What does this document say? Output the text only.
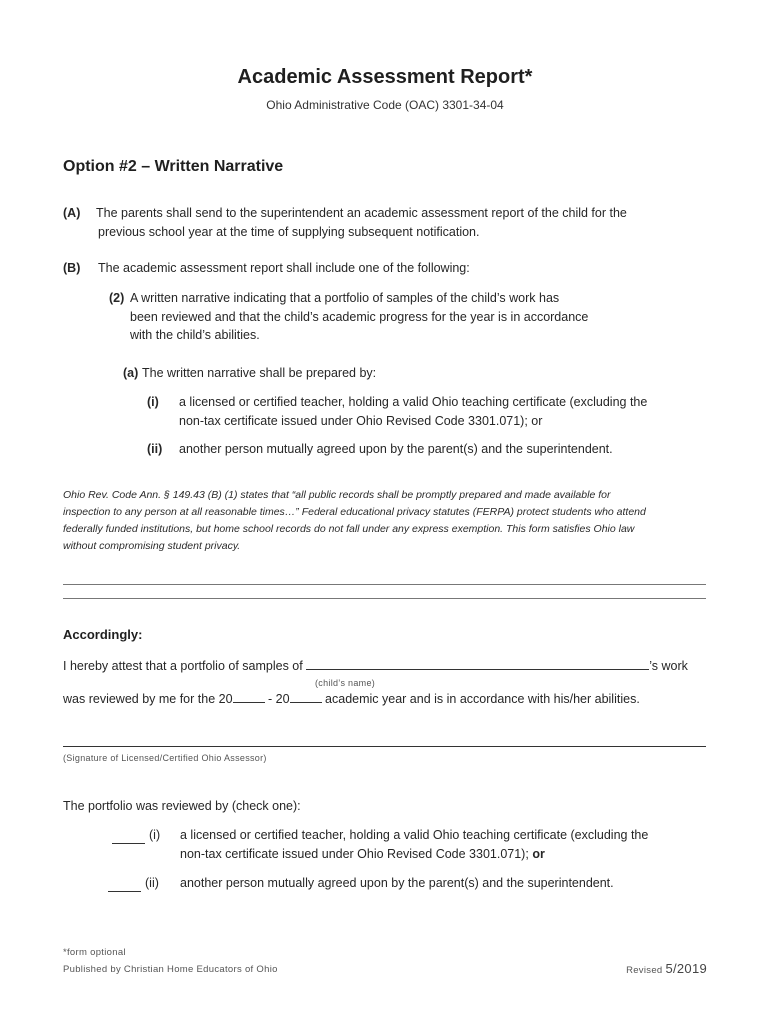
Academic Assessment Report*
Ohio Administrative Code (OAC) 3301-34-04
Option #2 – Written Narrative
(A) The parents shall send to the superintendent an academic assessment report of the child for the
previous school year at the time of supplying subsequent notification.
(B) The academic assessment report shall include one of the following:
(2) A written narrative indicating that a portfolio of samples of the child’s work has
been reviewed and that the child’s academic progress for the year is in accordance
with the child’s abilities.
(a) The written narrative shall be prepared by:
(i) a licensed or certified teacher, holding a valid Ohio teaching certificate (excluding the
non-tax certificate issued under Ohio Revised Code 3301.071); or
(ii) another person mutually agreed upon by the parent(s) and the superintendent.
Ohio Rev. Code Ann. § 149.43 (B) (1) states that “all public records shall be promptly prepared and made available for
inspection to any person at all reasonable times…” Federal educational privacy statutes (FERPA) protect students who attend
federally funded institutions, but home school records do not fall under any express exemption. This form satisfies Ohio law
without compromising student privacy.
Accordingly:
I hereby attest that a portfolio of samples of	’s work
(child’s name)
was reviewed by me for the 20	- 20	academic year and is in accordance with his/her abilities.
(Signature of Licensed/Certified Ohio Assessor)
The portfolio was reviewed by (check one):
(i) a licensed or certified teacher, holding a valid Ohio teaching certificate (excluding the
non-tax certificate issued under Ohio Revised Code 3301.071); or
(ii) another person mutually agreed upon by the parent(s) and the superintendent.
*form optional
Published by Christian Home Educators of Ohio	Revised 5/2019
